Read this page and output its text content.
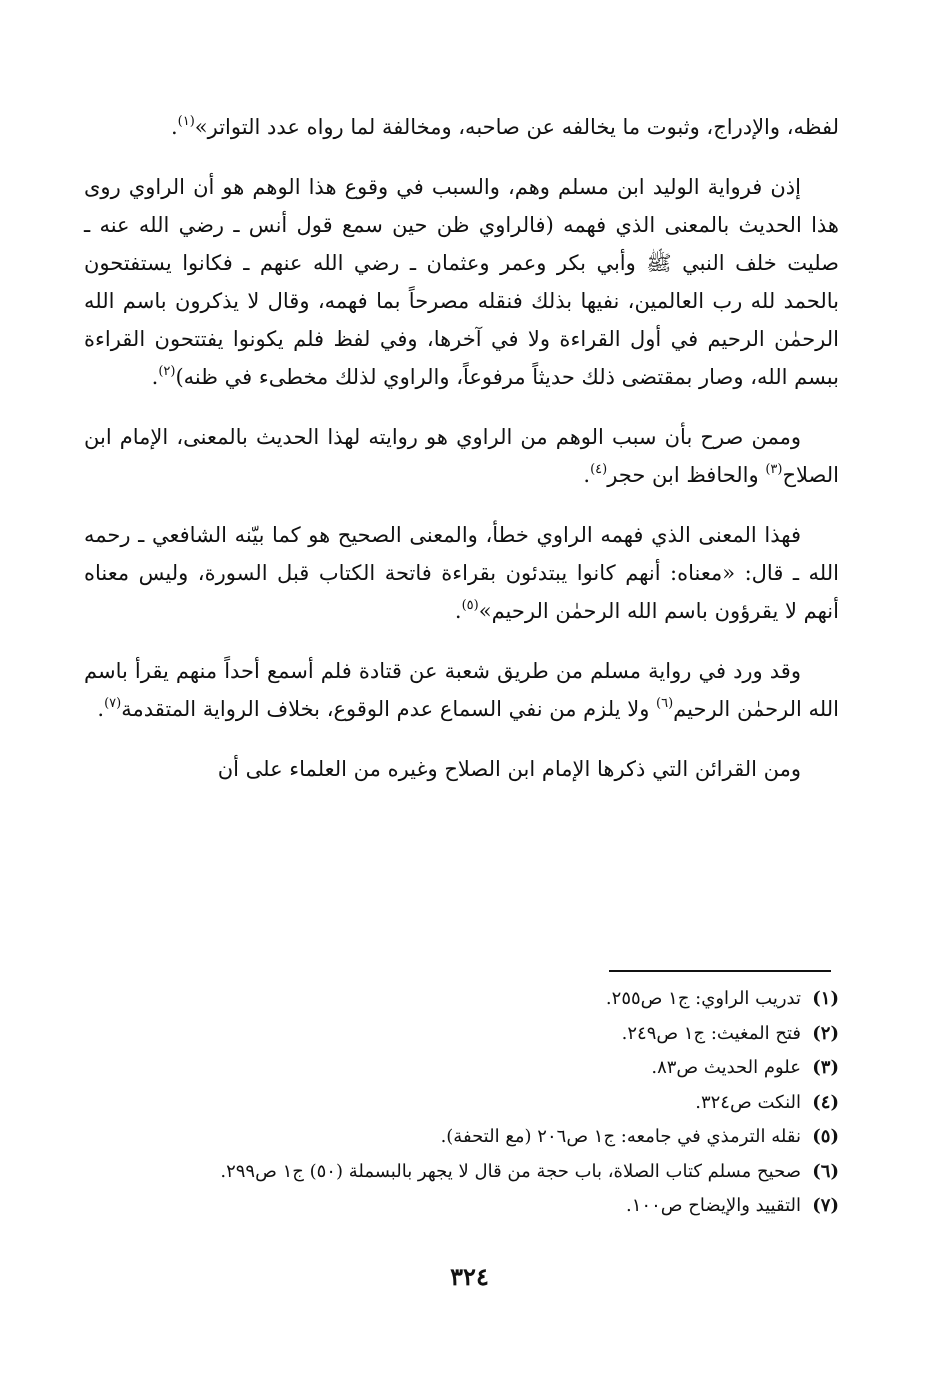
لفظه، والإدراج، وثبوت ما يخالفه عن صاحبه، ومخالفة لما رواه عدد التواتر»$^{(١)}$.

إذن فرواية الوليد ابن مسلم وهم، والسبب في وقوع هذا الوهم هو أن الراوي روى هذا الحديث بالمعنى الذي فهمه (فالراوي ظن حين سمع قول أنس ـ رضي الله عنه ـ صليت خلف النبي ﷺ وأبي بكر وعمر وعثمان ـ رضي الله عنهم ـ فكانوا يستفتحون بالحمد لله رب العالمين، نفيها بذلك فنقله مصرحاً بما فهمه، وقال لا يذكرون باسم الله الرحمٰن الرحيم في أول القراءة ولا في آخرها، وفي لفظ فلم يكونوا يفتتحون القراءة ببسم الله، وصار بمقتضى ذلك حديثاً مرفوعاً، والراوي لذلك مخطىء في ظنه)$^{(٢)}$.

وممن صرح بأن سبب الوهم من الراوي هو روايته لهذا الحديث بالمعنى، الإمام ابن الصلاح$^{(٣)}$ والحافظ ابن حجر$^{(٤)}$.

فهذا المعنى الذي فهمه الراوي خطأ، والمعنى الصحيح هو كما بيّنه الشافعي ـ رحمه الله ـ قال: «معناه: أنهم كانوا يبتدئون بقراءة فاتحة الكتاب قبل السورة، وليس معناه أنهم لا يقرؤون باسم الله الرحمٰن الرحيم»$^{(٥)}$.

وقد ورد في رواية مسلم من طريق شعبة عن قتادة فلم أسمع أحداً منهم يقرأ باسم الله الرحمٰن الرحيم$^{(٦)}$ ولا يلزم من نفي السماع عدم الوقوع، بخلاف الرواية المتقدمة$^{(٧)}$.

ومن القرائن التي ذكرها الإمام ابن الصلاح وغيره من العلماء على أن

(١)تدريب الراوي: ج١ ص٢٥٥.
(٢)فتح المغيث: ج١ ص٢٤٩.
(٣)علوم الحديث ص٨٣.
(٤)النكت ص٣٢٤.
(٥)نقله الترمذي في جامعه: ج١ ص٢٠٦ (مع التحفة).
(٦)صحيح مسلم كتاب الصلاة، باب حجة من قال لا يجهر بالبسملة (٥٠) ج١ ص٢٩٩.
(٧)التقييد والإيضاح ص١٠٠.
٣٢٤
